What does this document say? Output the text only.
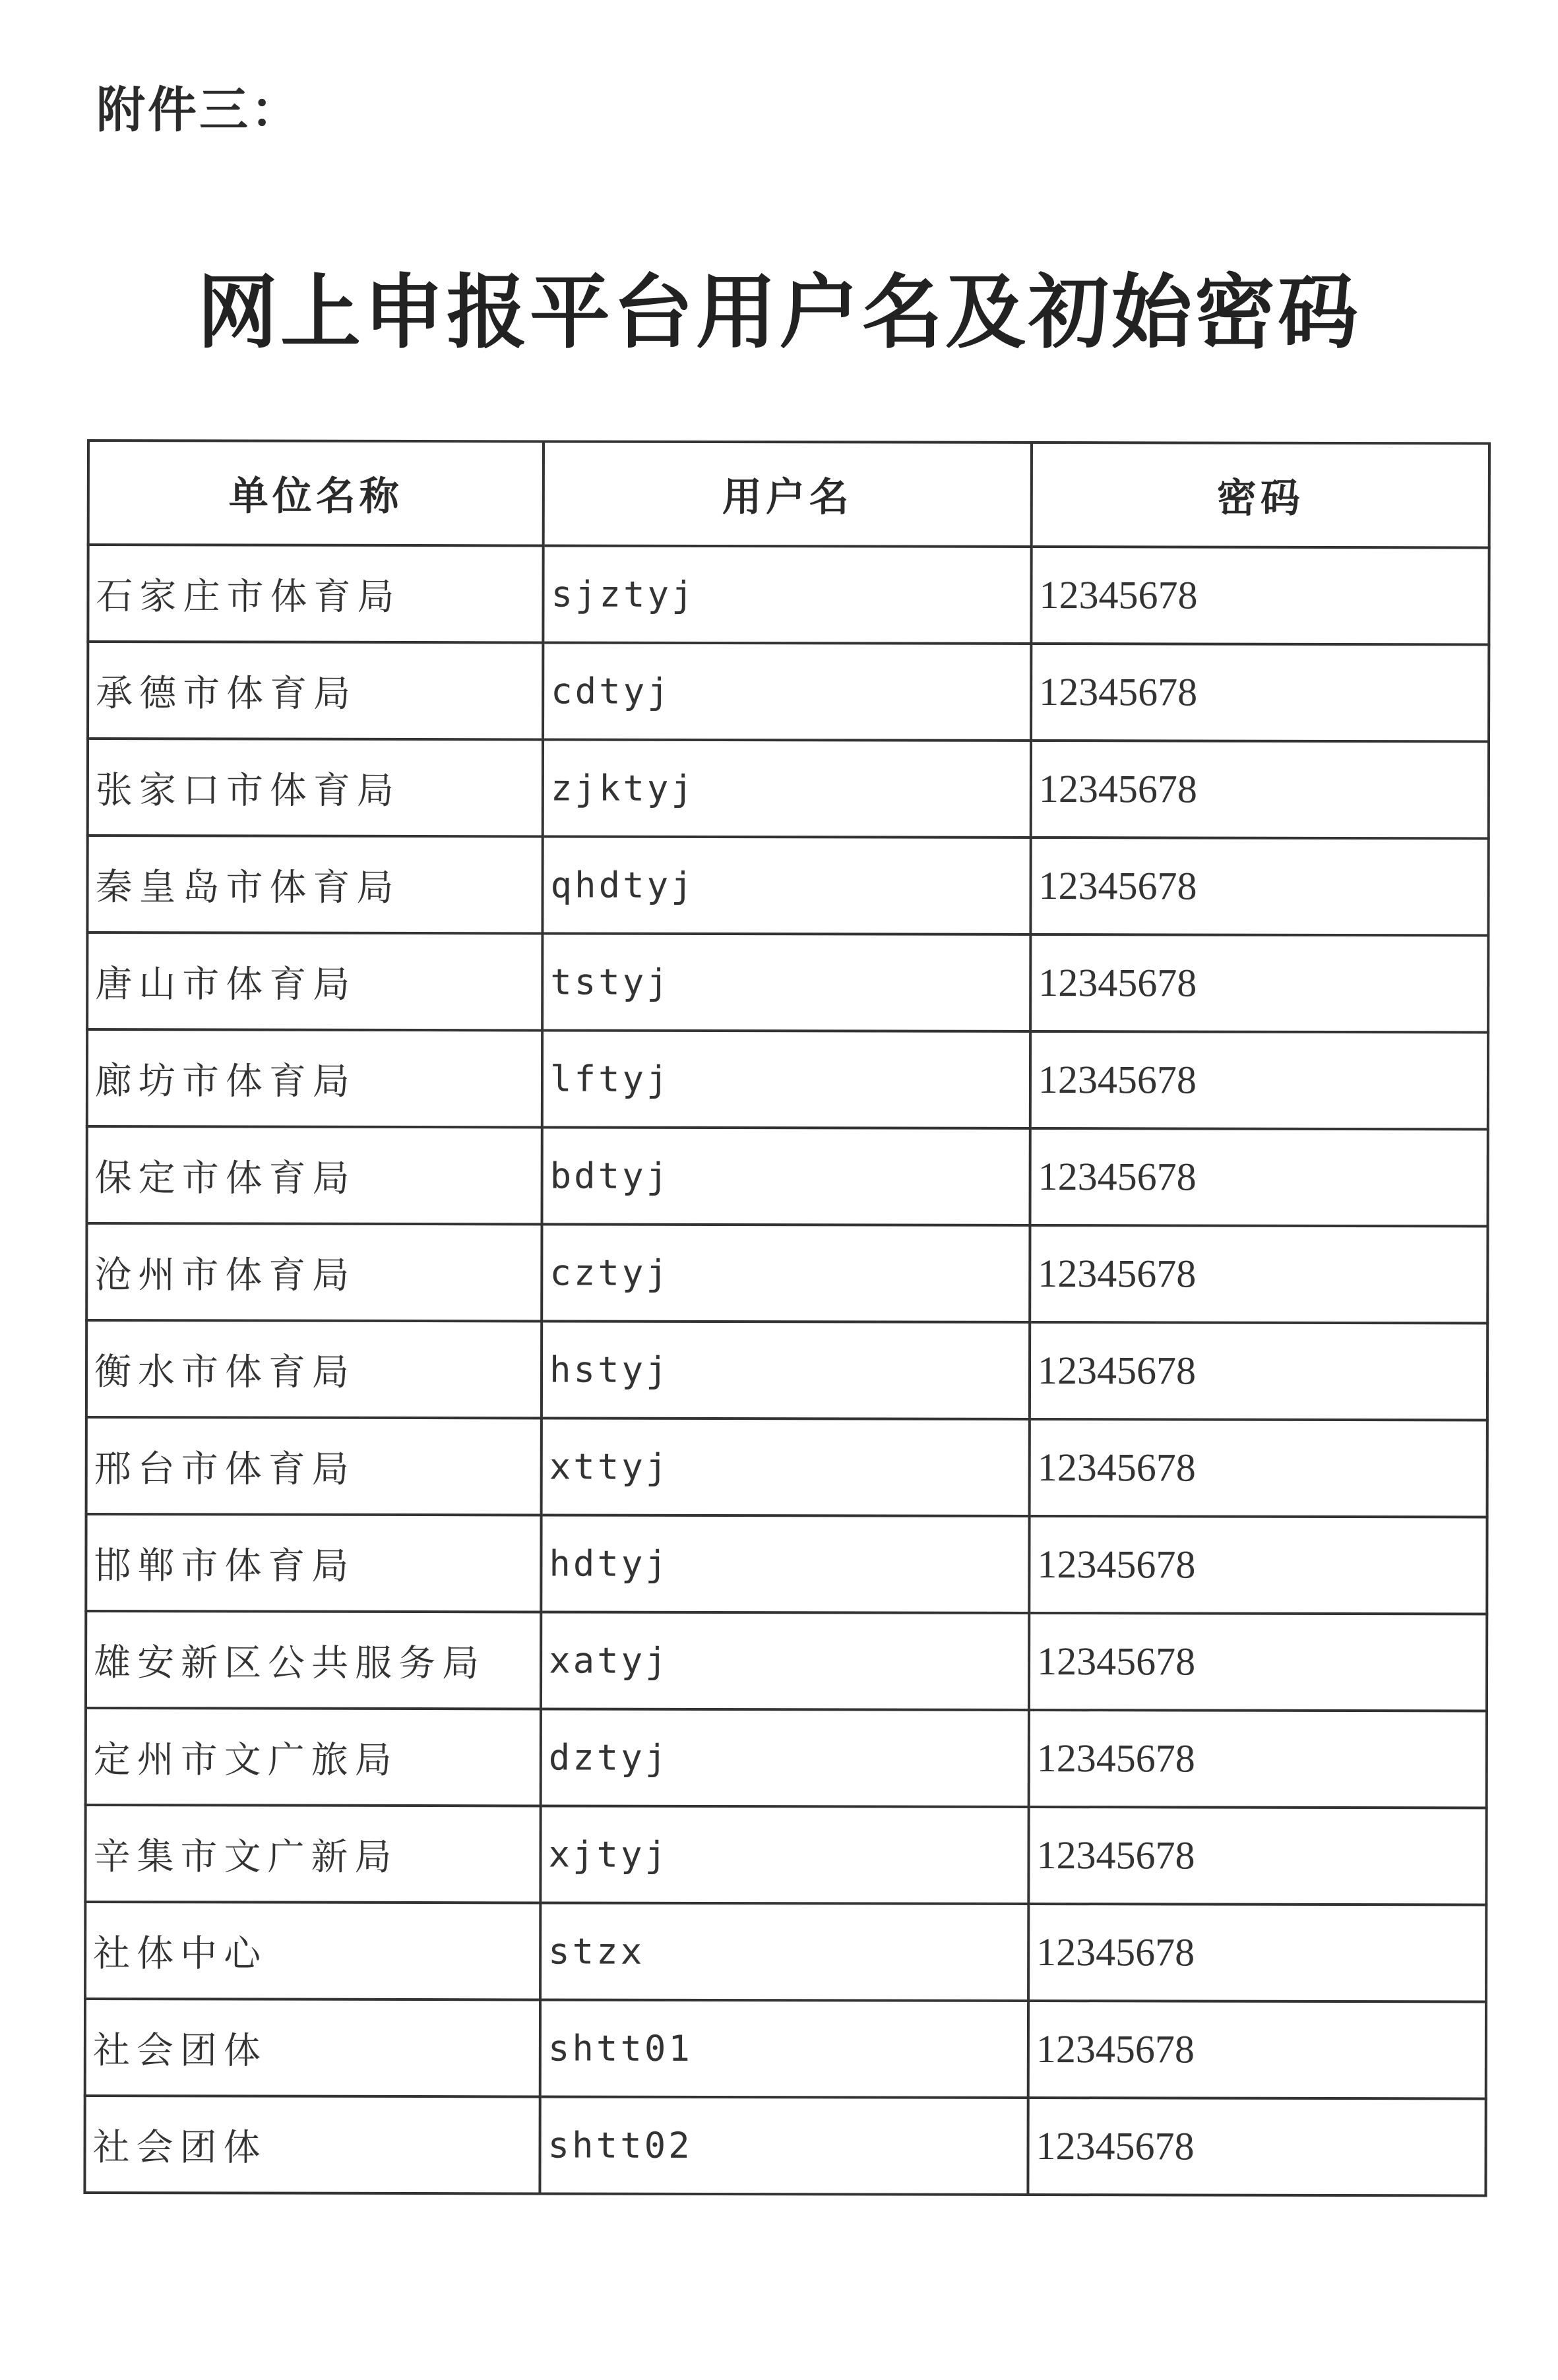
附件三：
网上申报平台用户名及初始密码
单位名称	用户名	密码
石家庄市体育局	sjztyj	12345678
承德市体育局	cdtyj	12345678
张家口市体育局	zjktyj	12345678
秦皇岛市体育局	qhdtyj	12345678
唐山市体育局	tstyj	12345678
廊坊市体育局	lftyj	12345678
保定市体育局	bdtyj	12345678
沧州市体育局	cztyj	12345678
衡水市体育局	hstyj	12345678
邢台市体育局	xttyj	12345678
邯郸市体育局	hdtyj	12345678
雄安新区公共服务局	xatyj	12345678
定州市文广旅局	dztyj	12345678
辛集市文广新局	xjtyj	12345678
社体中心	stzx	12345678
社会团体	shtt01	12345678
社会团体	shtt02	12345678
